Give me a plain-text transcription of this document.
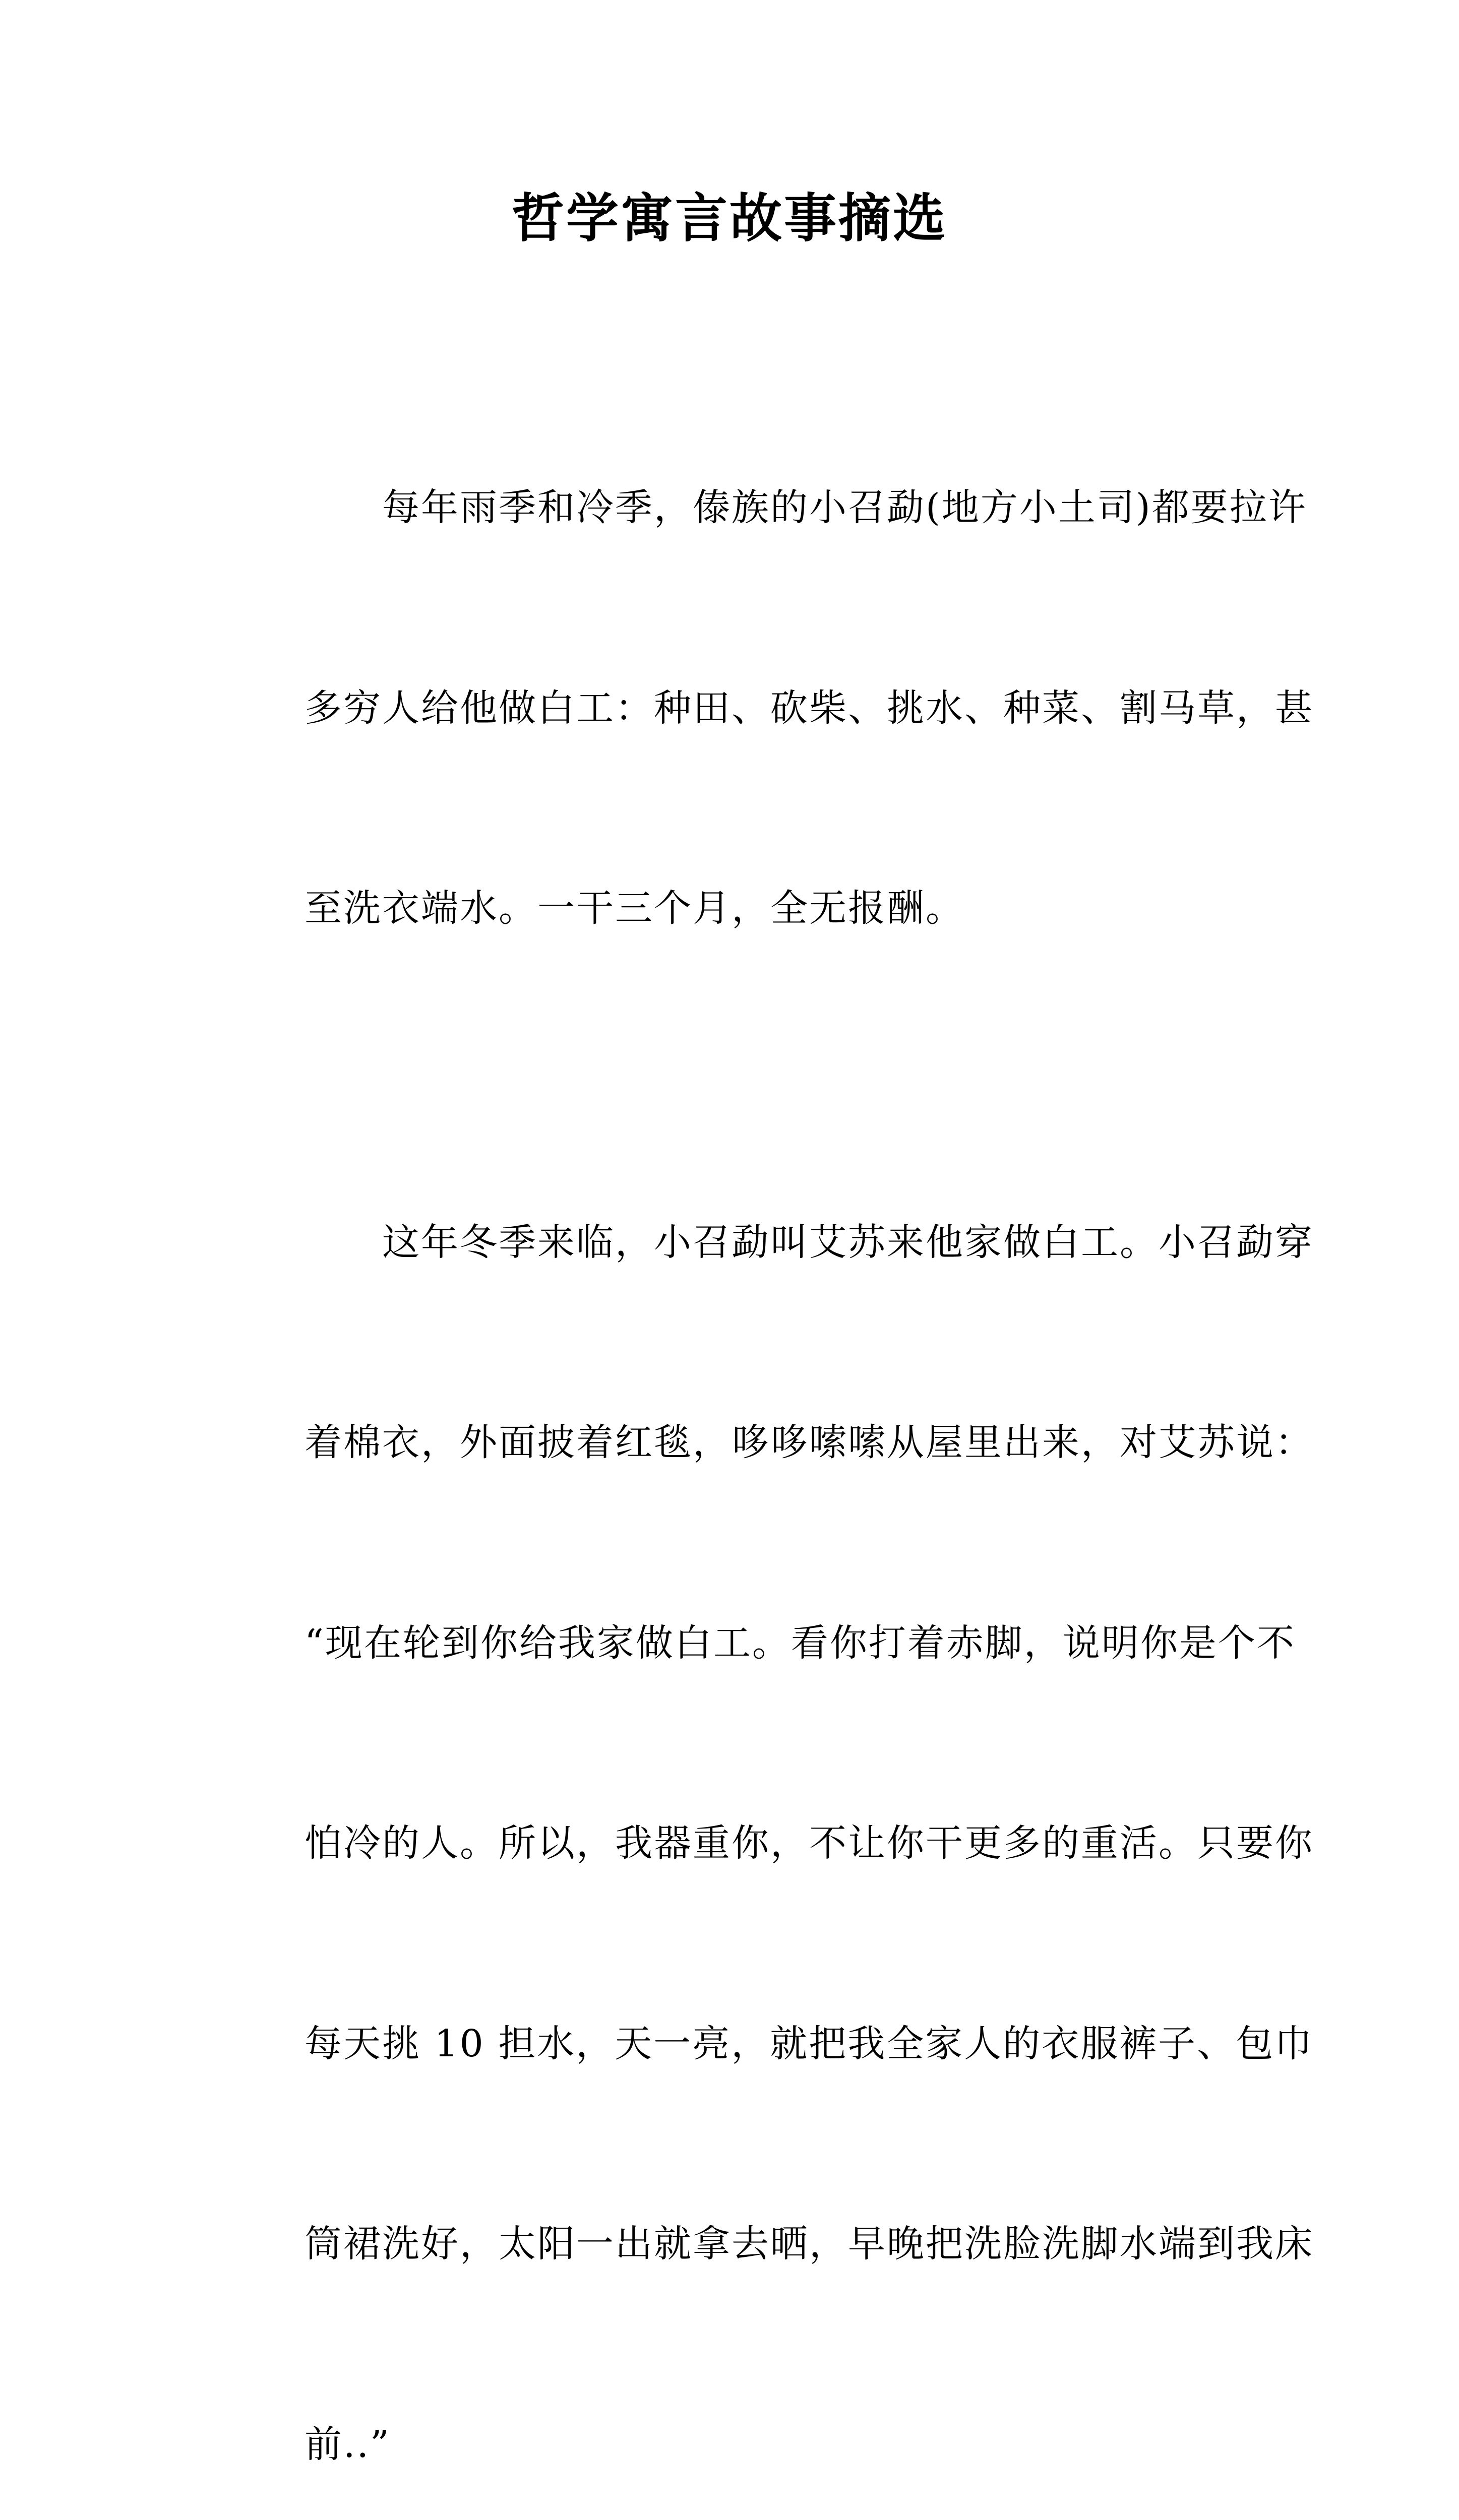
哲学寓言故事摘选

每年雨季和冷季，傣族的小召勐(地方小土司)都要拉许

多穷人给他做白工：种田、砍柴、挑水、种菜、割马草，甚

至洗衣端水。一干三个月，全无报酬。

这年冬季来临，小召勐叫艾苏来他家做白工。小召勐穿

着棉衣，外面披着红毯，哆哆嗦嗦从屋里出来，对艾苏说：

“现在轮到你给我家做白工。看你打着赤脚，说明你是个不

怕冷的人。所以，我器重你，不让你干更多的重活。只要你

每天挑 10 担水，天一亮，就把我全家人的衣服裤子、包巾

筒裙洗好，太阳一出就拿去晒，早晚把洗脸洗脚水端到我床

前..”
